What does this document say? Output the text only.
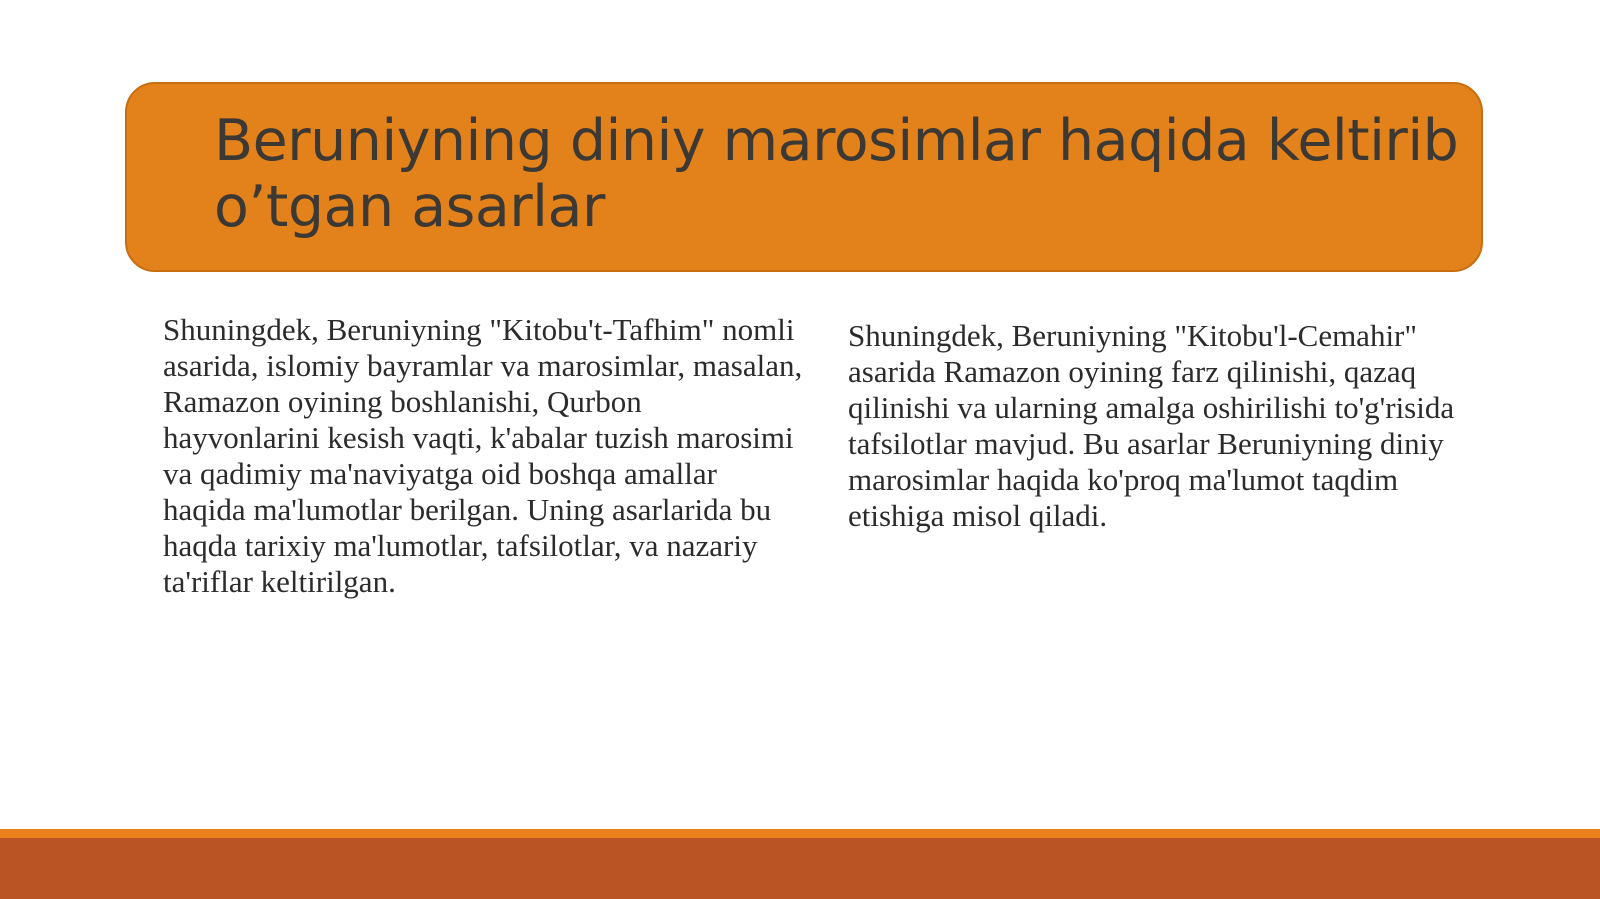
Beruniyning diniy marosimlar haqida keltirib
o’tgan asarlar

Shuningdek, Beruniyning "Kitobu't-Tafhim" nomli asarida, islomiy bayramlar va marosimlar, masalan, Ramazon oyining boshlanishi, Qurbon hayvonlarini kesish vaqti, k'abalar tuzish marosimi va qadimiy ma'naviyatga oid boshqa amallar haqida ma'lumotlar berilgan. Uning asarlarida bu haqda tarixiy ma'lumotlar, tafsilotlar, va nazariy ta'riflar keltirilgan.

Shuningdek, Beruniyning "Kitobu'l-Cemahir" asarida Ramazon oyining farz qilinishi, qazaq qilinishi va ularning amalga oshirilishi to'g'risida tafsilotlar mavjud. Bu asarlar Beruniyning diniy marosimlar haqida ko'proq ma'lumot taqdim etishiga misol qiladi.
